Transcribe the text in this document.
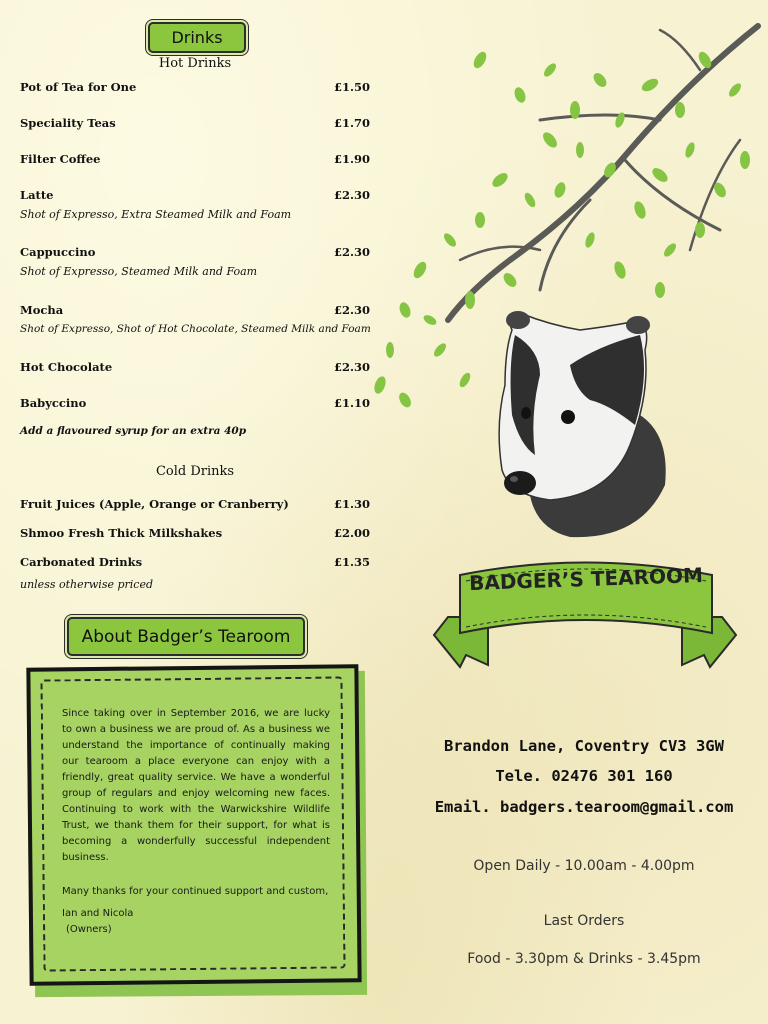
Drinks
Hot Drinks
Pot of Tea for One	£1.50
Speciality Teas	£1.70
Filter Coffee	£1.90
Latte	£2.30
Shot of Expresso, Extra Steamed Milk and Foam
Cappuccino	£2.30
Shot of Expresso, Steamed Milk and Foam
Mocha	£2.30
Shot of Expresso, Shot of Hot Chocolate, Steamed Milk and Foam
Hot Chocolate	£2.30
Babyccino	£1.10
Add a flavoured syrup for an extra 40p
Cold Drinks
Fruit Juices (Apple, Orange or Cranberry)	£1.30
Shmoo Fresh Thick Milkshakes	£2.00
Carbonated Drinks	£1.35
unless otherwise priced
About Badger’s Tearoom

Since taking over in September 2016, we are lucky to own a business we are proud of. As a business we understand the importance of continually making our tearoom a place everyone can enjoy with a friendly, great quality service. We have a wonderful group of regulars and enjoy welcoming new faces. Continuing to work with the Warwickshire Wildlife Trust, we thank them for their support, for what is becoming a wonderfully successful independent business.

Many thanks for your continued support and custom,

Ian and Nicola
(Owners)
BADGER’S TEAROOM
Brandon Lane, Coventry CV3 3GW
Tele. 02476 301 160
Email. badgers.tearoom@gmail.com
Open Daily - 10.00am - 4.00pm
Last Orders
Food - 3.30pm & Drinks - 3.45pm
